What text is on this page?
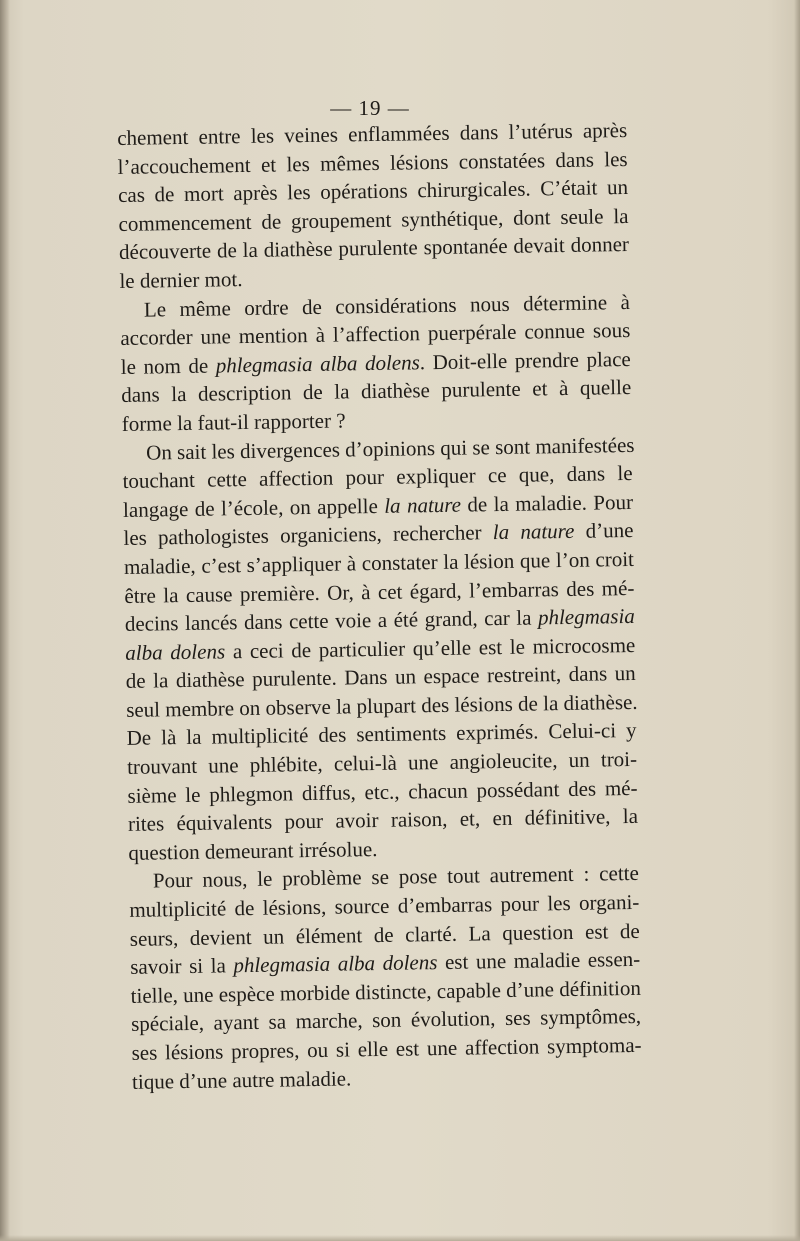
— 19 —
chement entre les veines enflammées dans l’utérus après
l’accouchement et les mêmes lésions constatées dans les
cas de mort après les opérations chirurgicales. C’était un
commencement de groupement synthétique, dont seule la
découverte de la diathèse purulente spontanée devait donner
le dernier mot.
Le même ordre de considérations nous détermine à
accorder une mention à l’affection puerpérale connue sous
le nom de phlegmasia alba dolens. Doit-elle prendre place
dans la description de la diathèse purulente et à quelle
forme la faut-il rapporter ?
On sait les divergences d’opinions qui se sont manifestées
touchant cette affection pour expliquer ce que, dans le
langage de l’école, on appelle la nature de la maladie. Pour
les pathologistes organiciens, rechercher la nature d’une
maladie, c’est s’appliquer à constater la lésion que l’on croit
être la cause première. Or, à cet égard, l’embarras des mé-
decins lancés dans cette voie a été grand, car la phlegmasia
alba dolens a ceci de particulier qu’elle est le microcosme
de la diathèse purulente. Dans un espace restreint, dans un
seul membre on observe la plupart des lésions de la diathèse.
De là la multiplicité des sentiments exprimés. Celui-ci y
trouvant une phlébite, celui-là une angioleucite, un troi-
sième le phlegmon diffus, etc., chacun possédant des mé-
rites équivalents pour avoir raison, et, en définitive, la
question demeurant irrésolue.
Pour nous, le problème se pose tout autrement : cette
multiplicité de lésions, source d’embarras pour les organi-
seurs, devient un élément de clarté. La question est de
savoir si la phlegmasia alba dolens est une maladie essen-
tielle, une espèce morbide distincte, capable d’une définition
spéciale, ayant sa marche, son évolution, ses symptômes,
ses lésions propres, ou si elle est une affection symptoma-
tique d’une autre maladie.
